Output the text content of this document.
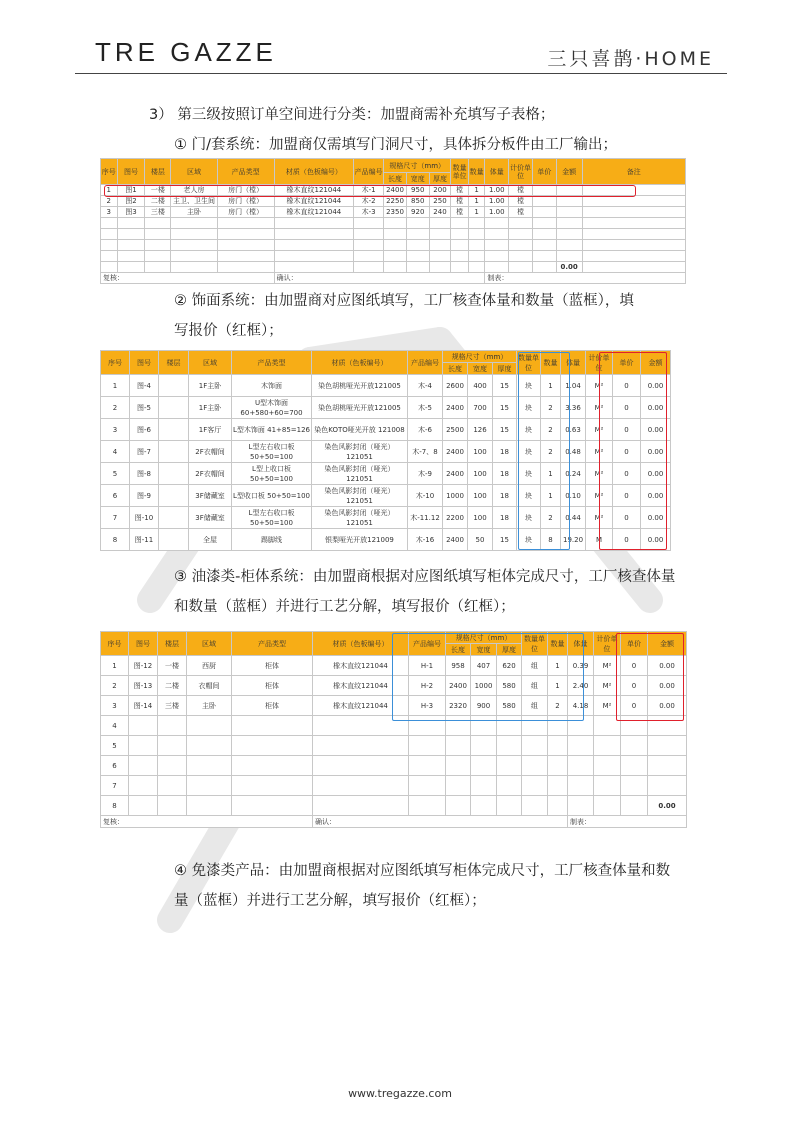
TRE GAZZE	三只喜鹊·HOME
3） 第三级按照订单空间进行分类：加盟商需补充填写子表格；
① 门/套系统：加盟商仅需填写门洞尺寸，具体拆分板件由工厂输出；
序号	图号	楼层	区域	产品类型	材质（色板编号）	产品编号	规格尺寸（mm）			数量单位	数量	体量	计价单位	单价	金额	备注
							长度	宽度	厚度							
1	图1	一楼	老人房	房门（樘）	橡木直纹121044	木-1	2400	950	200	樘	1	1.00	樘			
2	图2	二楼	主卫、卫生间	房门（樘）	橡木直纹121044	木-2	2250	850	250	樘	1	1.00	樘			
3	图3	三楼	主卧	房门（樘）	橡木直纹121044	木-3	2350	920	240	樘	1	1.00	樘			

															0.00	
复核：					确认：							制表：				
② 饰面系统：由加盟商对应图纸填写，工厂核查体量和数量（蓝框），填
写报价（红框）；
序号	图号	楼层	区域	产品类型	材质（色板编号）	产品编号	规格尺寸（mm）			数量单位	数量	体量	计价单位	单价	金额
							长度	宽度	厚度						
1	图-4		1F主卧	木饰面	染色胡桃哑光开放121005	木-4	2600	400	15	块	1	1.04	M²	0	0.00
2	图-5		1F主卧	U型木饰面 60+580+60=700	染色胡桃哑光开放121005	木-5	2400	700	15	块	2	3.36	M²	0	0.00
3	图-6		1F客厅	L型木饰面 41+85=126	染色KOTO哑光开放 121008	木-6	2500	126	15	块	2	0.63	M²	0	0.00
4	图-7		2F衣帽间	L型左右收口板 50+50=100	染色风影封闭（哑光） 121051	木-7、8	2400	100	18	块	2	0.48	M²	0	0.00
5	图-8		2F衣帽间	L型上收口板 50+50=100	染色风影封闭（哑光） 121051	木-9	2400	100	18	块	1	0.24	M²	0	0.00
6	图-9		3F储藏室	L型收口板 50+50=100	染色风影封闭（哑光） 121051	木-10	1000	100	18	块	1	0.10	M²	0	0.00
7	图-10		3F储藏室	L型左右收口板 50+50=100	染色风影封闭（哑光） 121051	木-11.12	2200	100	18	块	2	0.44	M²	0	0.00
8	图-11		全屋	踢脚线	银梨哑光开放121009	木-16	2400	50	15	块	8	19.20	M	0	0.00
③ 油漆类-柜体系统：由加盟商根据对应图纸填写柜体完成尺寸，工厂核查体量
和数量（蓝框）并进行工艺分解，填写报价（红框）；
序号	图号	楼层	区域	产品类型	材质（色板编号）	产品编号	规格尺寸（mm）			数量单位	数量	体量	计价单位	单价	金额
							长度	宽度	厚度						
1	图-12	一楼	西厨	柜体	橡木直纹121044	H-1	958	407	620	组	1	0.39	M²	0	0.00
2	图-13	二楼	衣帽间	柜体	橡木直纹121044	H-2	2400	1000	580	组	1	2.40	M²	0	0.00
3	图-14	三楼	主卧	柜体	橡木直纹121044	H-3	2320	900	580	组	2	4.18	M²	0	0.00
4															
5															
6															
7															
8															0.00
复核：					确认：							制表：			
④ 免漆类产品：由加盟商根据对应图纸填写柜体完成尺寸，工厂核查体量和数
量（蓝框）并进行工艺分解，填写报价（红框）；
www.tregazze.com
